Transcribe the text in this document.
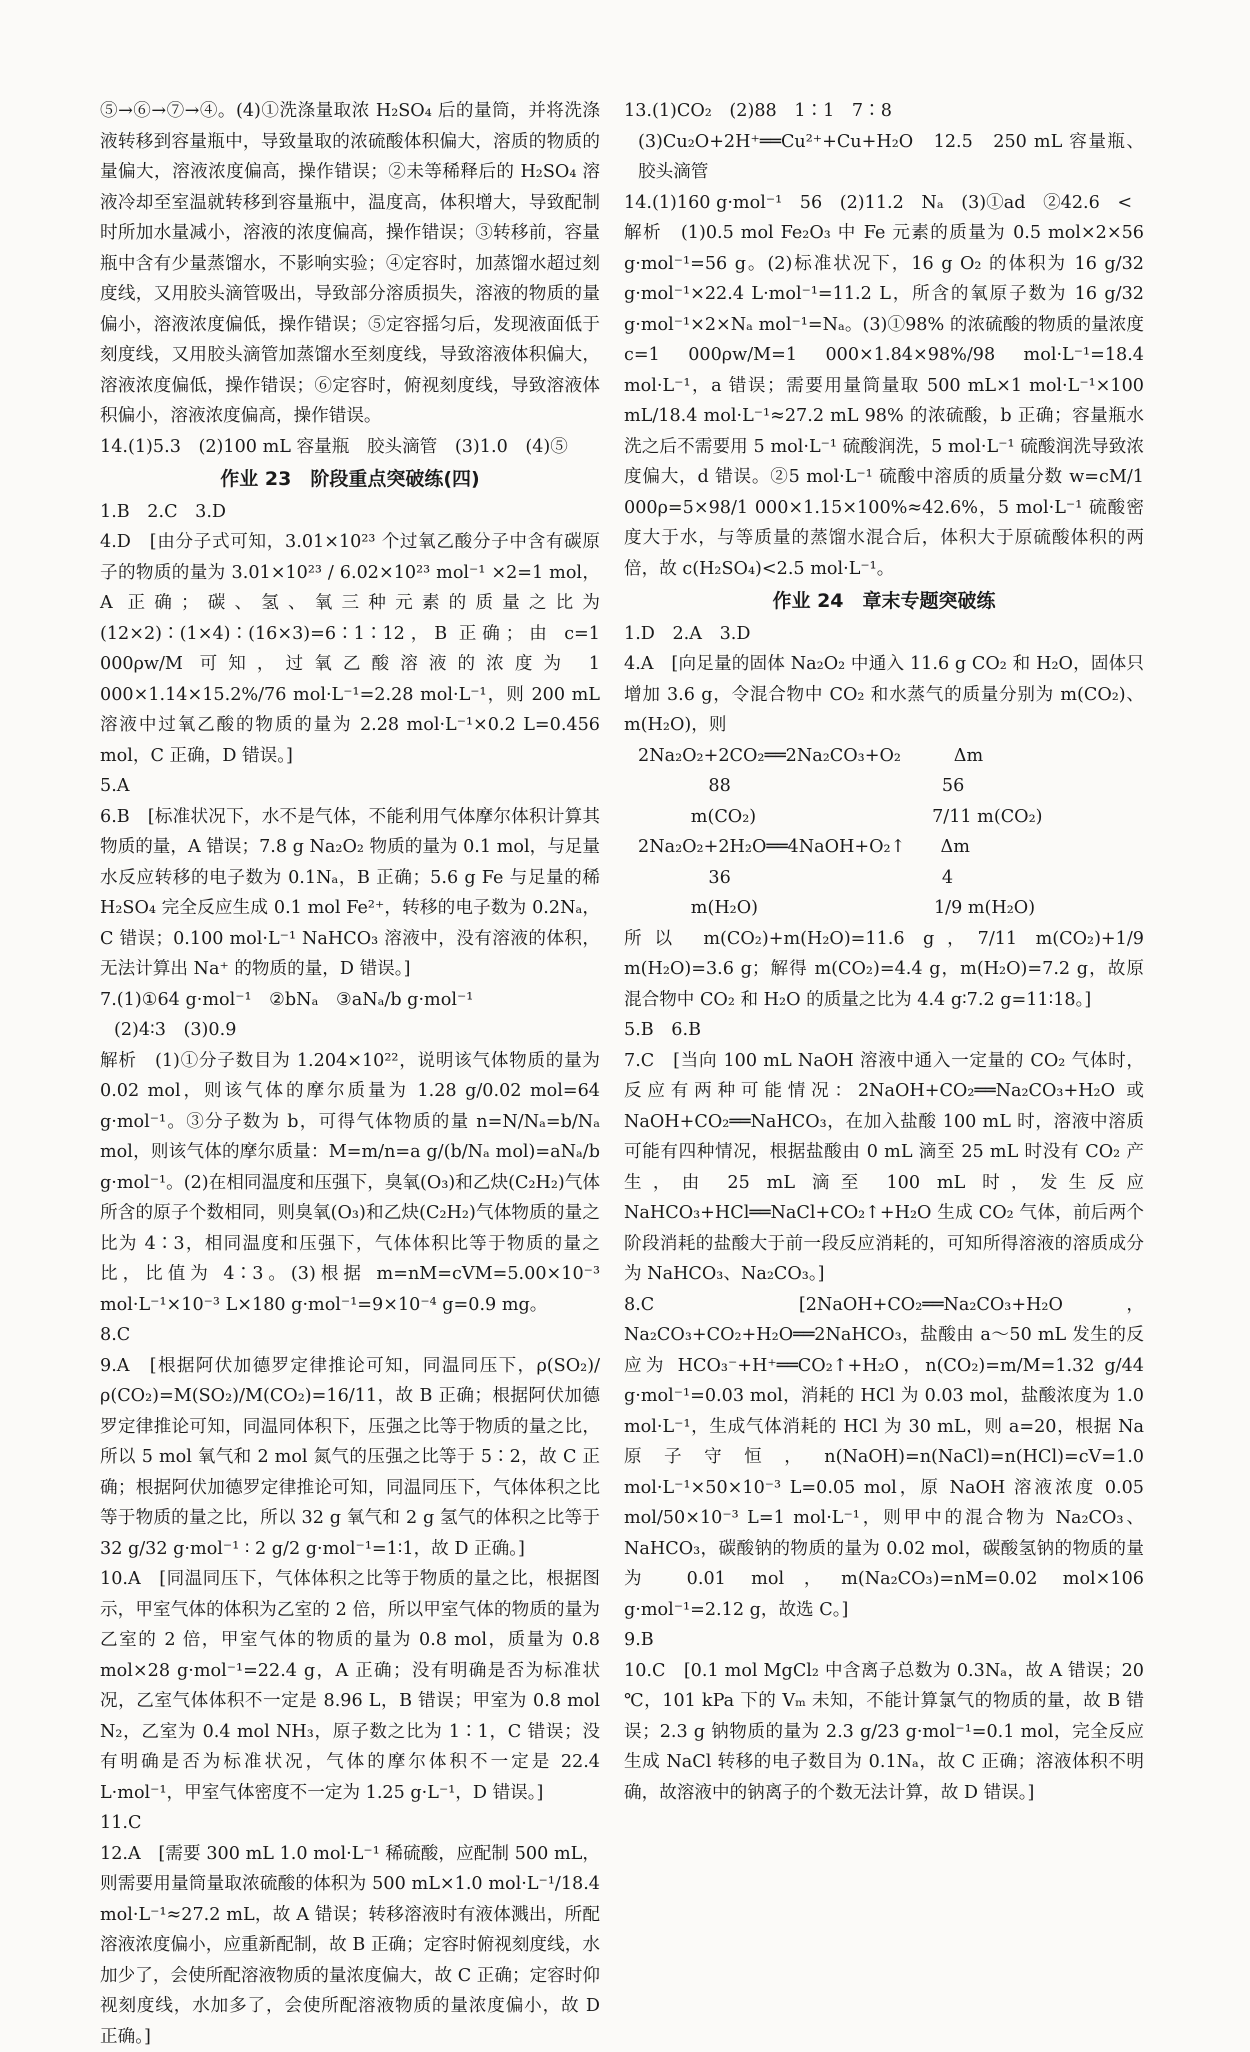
⑤→⑥→⑦→④。(4)①洗涤量取浓 H₂SO₄ 后的量筒，并将洗涤液转移到容量瓶中，导致量取的浓硫酸体积偏大，溶质的物质的量偏大，溶液浓度偏高，操作错误；②未等稀释后的 H₂SO₄ 溶液冷却至室温就转移到容量瓶中，温度高，体积增大，导致配制时所加水量减小，溶液的浓度偏高，操作错误；③转移前，容量瓶中含有少量蒸馏水，不影响实验；④定容时，加蒸馏水超过刻度线，又用胶头滴管吸出，导致部分溶质损失，溶液的物质的量偏小，溶液浓度偏低，操作错误；⑤定容摇匀后，发现液面低于刻度线，又用胶头滴管加蒸馏水至刻度线，导致溶液体积偏大，溶液浓度偏低，操作错误；⑥定容时，俯视刻度线，导致溶液体积偏小，溶液浓度偏高，操作错误。
14.(1)5.3　(2)100 mL 容量瓶　胶头滴管　(3)1.0　(4)⑤
作业 23　阶段重点突破练(四)
1.B　2.C　3.D
4.D　[由分子式可知，3.01×10²³ 个过氧乙酸分子中含有碳原子的物质的量为 3.01×10²³ / 6.02×10²³ mol⁻¹ ×2=1 mol，A 正确；碳、氢、氧三种元素的质量之比为(12×2)∶(1×4)∶(16×3)=6∶1∶12，B 正确；由 c=1 000ρw/M 可知，过氧乙酸溶液的浓度为 1 000×1.14×15.2%/76 mol·L⁻¹=2.28 mol·L⁻¹，则 200 mL 溶液中过氧乙酸的物质的量为 2.28 mol·L⁻¹×0.2 L=0.456 mol，C 正确，D 错误。]
5.A
6.B　[标准状况下，水不是气体，不能利用气体摩尔体积计算其物质的量，A 错误；7.8 g Na₂O₂ 物质的量为 0.1 mol，与足量水反应转移的电子数为 0.1Nₐ，B 正确；5.6 g Fe 与足量的稀 H₂SO₄ 完全反应生成 0.1 mol Fe²⁺，转移的电子数为 0.2Nₐ，C 错误；0.100 mol·L⁻¹ NaHCO₃ 溶液中，没有溶液的体积，无法计算出 Na⁺ 的物质的量，D 错误。]
7.(1)①64 g·mol⁻¹　②bNₐ　③aNₐ/b g·mol⁻¹
(2)4∶3　(3)0.9
解析　(1)①分子数目为 1.204×10²²，说明该气体物质的量为 0.02 mol，则该气体的摩尔质量为 1.28 g/0.02 mol=64 g·mol⁻¹。③分子数为 b，可得气体物质的量 n=N/Nₐ=b/Nₐ mol，则该气体的摩尔质量：M=m/n=a g/(b/Nₐ mol)=aNₐ/b g·mol⁻¹。(2)在相同温度和压强下，臭氧(O₃)和乙炔(C₂H₂)气体所含的原子个数相同，则臭氧(O₃)和乙炔(C₂H₂)气体物质的量之比为 4∶3，相同温度和压强下，气体体积比等于物质的量之比，比值为 4∶3。(3)根据 m=nM=cVM=5.00×10⁻³ mol·L⁻¹×10⁻³ L×180 g·mol⁻¹=9×10⁻⁴ g=0.9 mg。
8.C
9.A　[根据阿伏加德罗定律推论可知，同温同压下，ρ(SO₂)/ρ(CO₂)=M(SO₂)/M(CO₂)=16/11，故 B 正确；根据阿伏加德罗定律推论可知，同温同体积下，压强之比等于物质的量之比，所以 5 mol 氧气和 2 mol 氮气的压强之比等于 5∶2，故 C 正确；根据阿伏加德罗定律推论可知，同温同压下，气体体积之比等于物质的量之比，所以 32 g 氧气和 2 g 氢气的体积之比等于 32 g/32 g·mol⁻¹ ∶ 2 g/2 g·mol⁻¹=1∶1，故 D 正确。]
10.A　[同温同压下，气体体积之比等于物质的量之比，根据图示，甲室气体的体积为乙室的 2 倍，所以甲室气体的物质的量为乙室的 2 倍，甲室气体的物质的量为 0.8 mol，质量为 0.8 mol×28 g·mol⁻¹=22.4 g，A 正确；没有明确是否为标准状况，乙室气体体积不一定是 8.96 L，B 错误；甲室为 0.8 mol N₂，乙室为 0.4 mol NH₃，原子数之比为 1∶1，C 错误；没有明确是否为标准状况，气体的摩尔体积不一定是 22.4 L·mol⁻¹，甲室气体密度不一定为 1.25 g·L⁻¹，D 错误。]
11.C
12.A　[需要 300 mL 1.0 mol·L⁻¹ 稀硫酸，应配制 500 mL，则需要用量筒量取浓硫酸的体积为 500 mL×1.0 mol·L⁻¹/18.4 mol·L⁻¹≈27.2 mL，故 A 错误；转移溶液时有液体溅出，所配溶液浓度偏小，应重新配制，故 B 正确；定容时俯视刻度线，水加少了，会使所配溶液物质的量浓度偏大，故 C 正确；定容时仰视刻度线，水加多了，会使所配溶液物质的量浓度偏小，故 D 正确。]
13.(1)CO₂　(2)88　1∶1　7∶8
(3)Cu₂O+2H⁺══Cu²⁺+Cu+H₂O　12.5　250 mL 容量瓶、胶头滴管
14.(1)160 g·mol⁻¹　56　(2)11.2　Nₐ　(3)①ad　②42.6　<
解析　(1)0.5 mol Fe₂O₃ 中 Fe 元素的质量为 0.5 mol×2×56 g·mol⁻¹=56 g。(2)标准状况下，16 g O₂ 的体积为 16 g/32 g·mol⁻¹×22.4 L·mol⁻¹=11.2 L，所含的氧原子数为 16 g/32 g·mol⁻¹×2×Nₐ mol⁻¹=Nₐ。(3)①98% 的浓硫酸的物质的量浓度 c=1 000ρw/M=1 000×1.84×98%/98 mol·L⁻¹=18.4 mol·L⁻¹，a 错误；需要用量筒量取 500 mL×1 mol·L⁻¹×100 mL/18.4 mol·L⁻¹≈27.2 mL 98% 的浓硫酸，b 正确；容量瓶水洗之后不需要用 5 mol·L⁻¹ 硫酸润洗，5 mol·L⁻¹ 硫酸润洗导致浓度偏大，d 错误。②5 mol·L⁻¹ 硫酸中溶质的质量分数 w=cM/1 000ρ=5×98/1 000×1.15×100%≈42.6%，5 mol·L⁻¹ 硫酸密度大于水，与等质量的蒸馏水混合后，体积大于原硫酸体积的两倍，故 c(H₂SO₄)<2.5 mol·L⁻¹。
作业 24　章末专题突破练
1.D　2.A　3.D
4.A　[向足量的固体 Na₂O₂ 中通入 11.6 g CO₂ 和 H₂O，固体只增加 3.6 g，令混合物中 CO₂ 和水蒸气的质量分别为 m(CO₂)、m(H₂O)，则
2Na₂O₂+2CO₂══2Na₂CO₃+O₂　　　Δm
　　　　88　　　　　　　　　　　　56
　　　m(CO₂)　　　　　　　　　　7/11 m(CO₂)
2Na₂O₂+2H₂O══4NaOH+O₂↑　　Δm
　　　　36　　　　　　　　　　　　4
　　　m(H₂O)　　　　　　　　　　1/9 m(H₂O)
所以 m(CO₂)+m(H₂O)=11.6 g，7/11 m(CO₂)+1/9 m(H₂O)=3.6 g；解得 m(CO₂)=4.4 g，m(H₂O)=7.2 g，故原混合物中 CO₂ 和 H₂O 的质量之比为 4.4 g∶7.2 g=11∶18。]
5.B　6.B
7.C　[当向 100 mL NaOH 溶液中通入一定量的 CO₂ 气体时，反应有两种可能情况：2NaOH+CO₂══Na₂CO₃+H₂O 或 NaOH+CO₂══NaHCO₃，在加入盐酸 100 mL 时，溶液中溶质可能有四种情况，根据盐酸由 0 mL 滴至 25 mL 时没有 CO₂ 产生，由 25 mL 滴至 100 mL 时，发生反应 NaHCO₃+HCl══NaCl+CO₂↑+H₂O 生成 CO₂ 气体，前后两个阶段消耗的盐酸大于前一段反应消耗的，可知所得溶液的溶质成分为 NaHCO₃、Na₂CO₃。]
8.C　[2NaOH+CO₂══Na₂CO₃+H₂O，Na₂CO₃+CO₂+H₂O══2NaHCO₃，盐酸由 a～50 mL 发生的反应为 HCO₃⁻+H⁺══CO₂↑+H₂O，n(CO₂)=m/M=1.32 g/44 g·mol⁻¹=0.03 mol，消耗的 HCl 为 0.03 mol，盐酸浓度为 1.0 mol·L⁻¹，生成气体消耗的 HCl 为 30 mL，则 a=20，根据 Na 原子守恒，n(NaOH)=n(NaCl)=n(HCl)=cV=1.0 mol·L⁻¹×50×10⁻³ L=0.05 mol，原 NaOH 溶液浓度 0.05 mol/50×10⁻³ L=1 mol·L⁻¹，则甲中的混合物为 Na₂CO₃、NaHCO₃，碳酸钠的物质的量为 0.02 mol，碳酸氢钠的物质的量为 0.01 mol，m(Na₂CO₃)=nM=0.02 mol×106 g·mol⁻¹=2.12 g，故选 C。]
9.B
10.C　[0.1 mol MgCl₂ 中含离子总数为 0.3Nₐ，故 A 错误；20 ℃，101 kPa 下的 Vₘ 未知，不能计算氯气的物质的量，故 B 错误；2.3 g 钠物质的量为 2.3 g/23 g·mol⁻¹=0.1 mol，完全反应生成 NaCl 转移的电子数目为 0.1Nₐ，故 C 正确；溶液体积不明确，故溶液中的钠离子的个数无法计算，故 D 错误。]
